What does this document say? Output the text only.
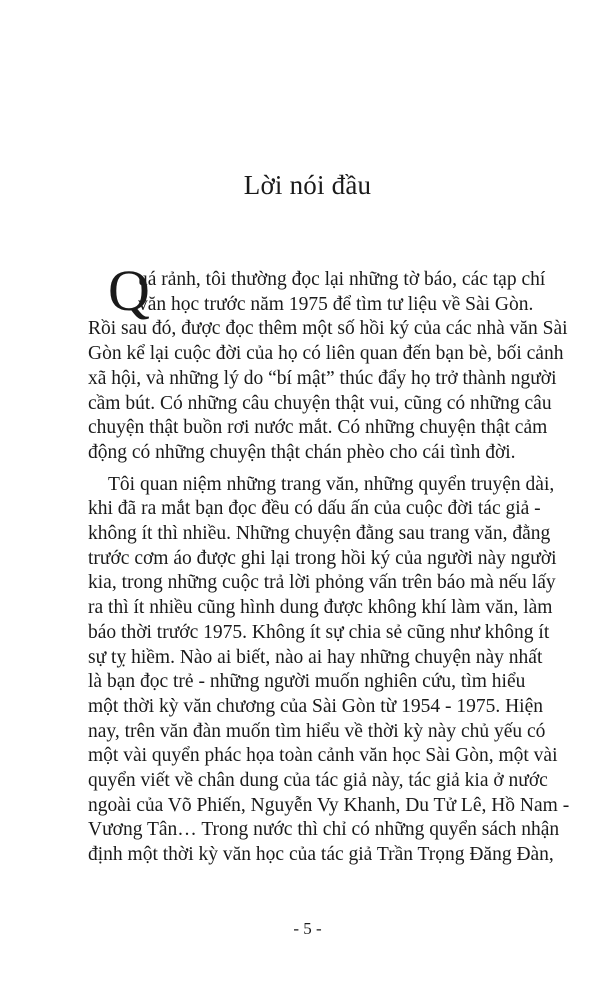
Lời nói đầu
Q
uá rảnh, tôi thường đọc lại những tờ báo, các tạp chí
văn học trước năm 1975 để tìm tư liệu về Sài Gòn.
Rồi sau đó, được đọc thêm một số hồi ký của các nhà văn Sài
Gòn kể lại cuộc đời của họ có liên quan đến bạn bè, bối cảnh
xã hội, và những lý do “bí mật” thúc đẩy họ trở thành người
cầm bút. Có những câu chuyện thật vui, cũng có những câu
chuyện thật buồn rơi nước mắt. Có những chuyện thật cảm
động có những chuyện thật chán phèo cho cái tình đời.
Tôi quan niệm những trang văn, những quyển truyện dài,
khi đã ra mắt bạn đọc đều có dấu ấn của cuộc đời tác giả -
không ít thì nhiều. Những chuyện đằng sau trang văn, đằng
trước cơm áo được ghi lại trong hồi ký của người này người
kia, trong những cuộc trả lời phỏng vấn trên báo mà nếu lấy
ra thì ít nhiều cũng hình dung được không khí làm văn, làm
báo thời trước 1975. Không ít sự chia sẻ cũng như không ít
sự tỵ hiềm. Nào ai biết, nào ai hay những chuyện này nhất
là bạn đọc trẻ - những người muốn nghiên cứu, tìm hiểu
một thời kỳ văn chương của Sài Gòn từ 1954 - 1975. Hiện
nay, trên văn đàn muốn tìm hiểu về thời kỳ này chủ yếu có
một vài quyển phác họa toàn cảnh văn học Sài Gòn, một vài
quyển viết về chân dung của tác giả này, tác giả kia ở nước
ngoài của Võ Phiến, Nguyễn Vy Khanh, Du Tử Lê, Hồ Nam -
Vương Tân… Trong nước thì chỉ có những quyển sách nhận
định một thời kỳ văn học của tác giả Trần Trọng Đăng Đàn,
- 5 -
